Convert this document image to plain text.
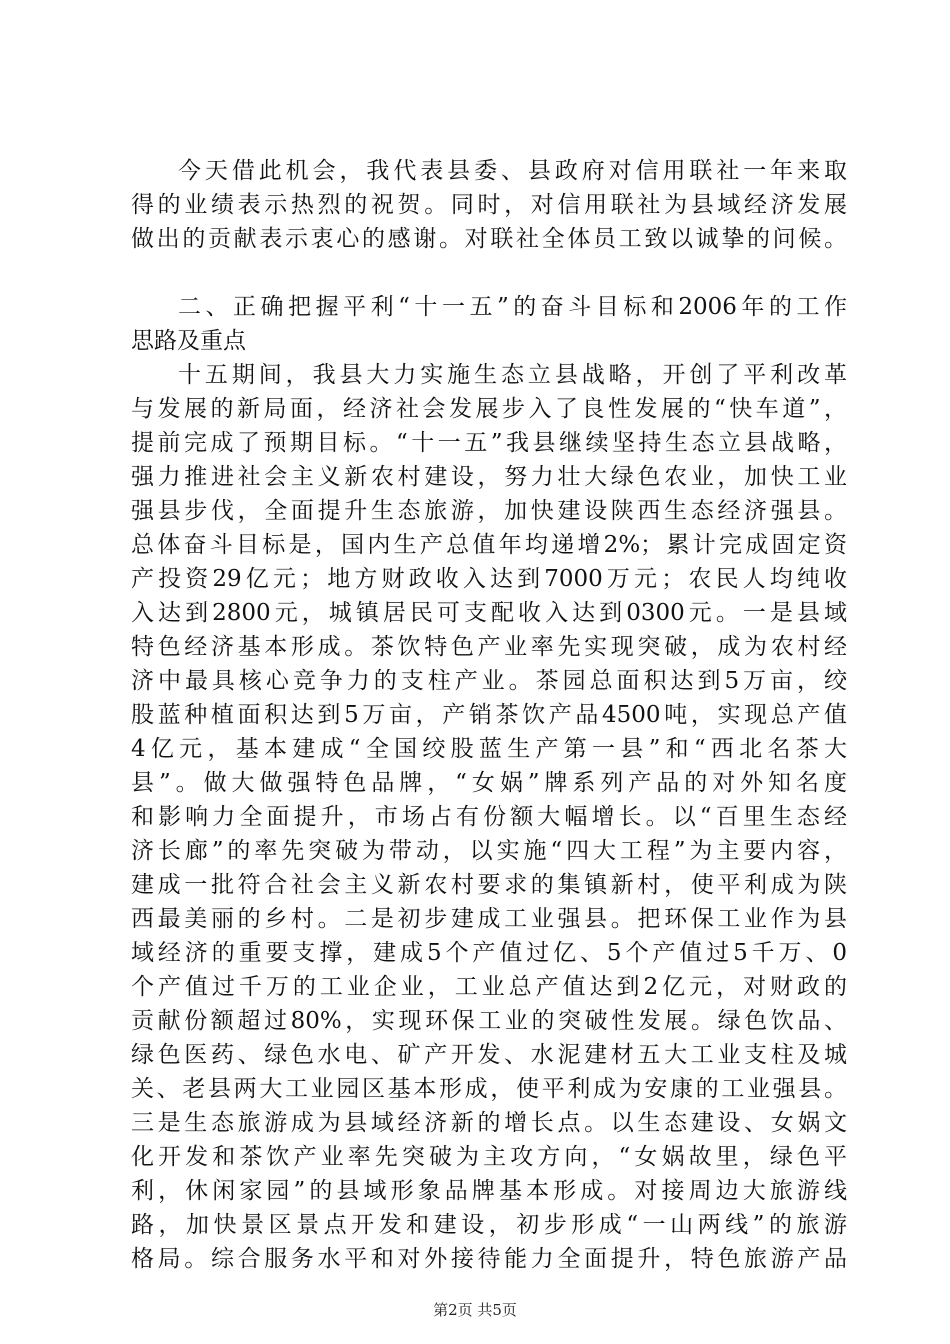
今天借此机会，我代表县委、县政府对信用联社一年来取
得的业绩表示热烈的祝贺。同时，对信用联社为县域经济发展
做出的贡献表示衷心的感谢。对联社全体员工致以诚挚的问候。
二、正确把握平利“十一五”的奋斗目标和2006年的工作
思路及重点
十五期间，我县大力实施生态立县战略，开创了平利改革
与发展的新局面，经济社会发展步入了良性发展的“快车道”，
提前完成了预期目标。“十一五”我县继续坚持生态立县战略，
强力推进社会主义新农村建设，努力壮大绿色农业，加快工业
强县步伐，全面提升生态旅游，加快建设陕西生态经济强县。
总体奋斗目标是，国内生产总值年均递增2%；累计完成固定资
产投资29亿元；地方财政收入达到7000万元；农民人均纯收
入达到2800元，城镇居民可支配收入达到0300元。一是县域
特色经济基本形成。茶饮特色产业率先实现突破，成为农村经
济中最具核心竞争力的支柱产业。茶园总面积达到5万亩，绞
股蓝种植面积达到5万亩，产销茶饮产品4500吨，实现总产值
4亿元，基本建成“全国绞股蓝生产第一县”和“西北名茶大
县”。做大做强特色品牌，“女娲”牌系列产品的对外知名度
和影响力全面提升，市场占有份额大幅增长。以“百里生态经
济长廊”的率先突破为带动，以实施“四大工程”为主要内容，
建成一批符合社会主义新农村要求的集镇新村，使平利成为陕
西最美丽的乡村。二是初步建成工业强县。把环保工业作为县
域经济的重要支撑，建成5个产值过亿、5个产值过5千万、0
个产值过千万的工业企业，工业总产值达到2亿元，对财政的
贡献份额超过80%，实现环保工业的突破性发展。绿色饮品、
绿色医药、绿色水电、矿产开发、水泥建材五大工业支柱及城
关、老县两大工业园区基本形成，使平利成为安康的工业强县。
三是生态旅游成为县域经济新的增长点。以生态建设、女娲文
化开发和茶饮产业率先突破为主攻方向，“女娲故里，绿色平
利，休闲家园”的县域形象品牌基本形成。对接周边大旅游线
路，加快景区景点开发和建设，初步形成“一山两线”的旅游
格局。综合服务水平和对外接待能力全面提升，特色旅游产品
第2页 共5页
